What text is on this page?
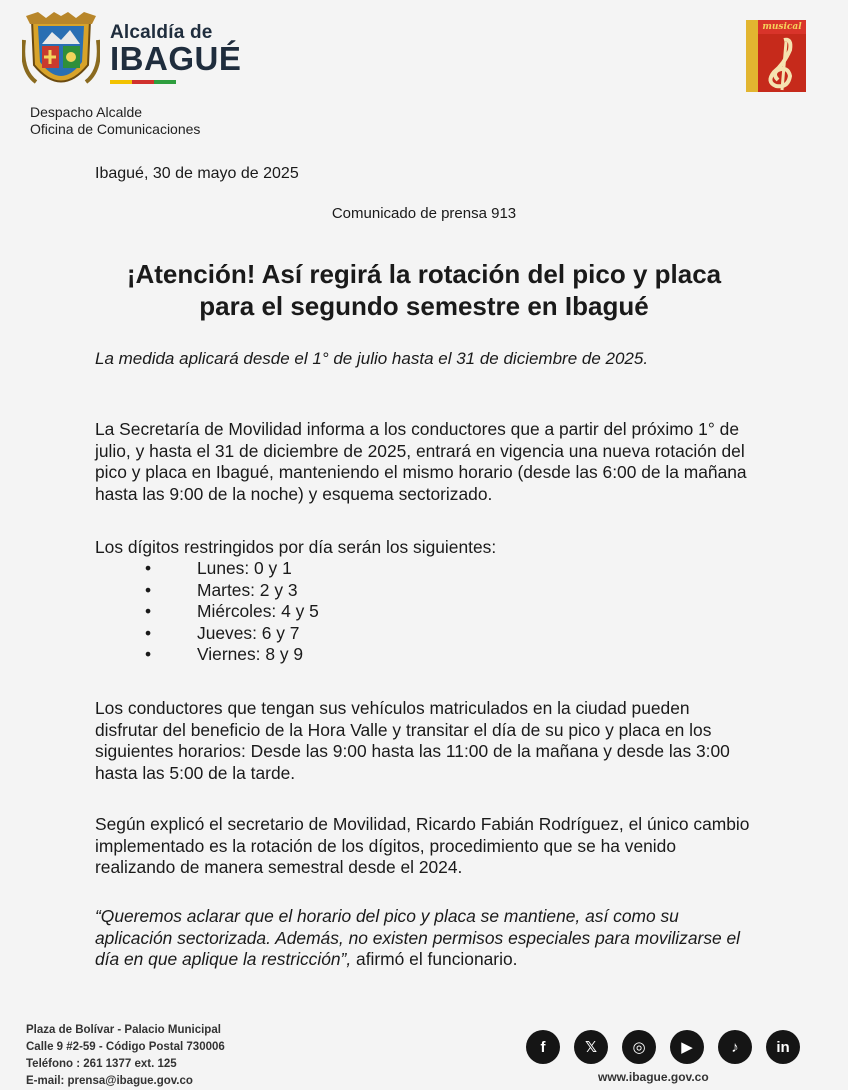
Alcaldía de
IBAGUÉ
Despacho Alcalde
Oficina de Comunicaciones
musical
Ibagué, 30 de mayo de 2025
Comunicado de prensa 913
¡Atención! Así regirá la rotación del pico y placa
para el segundo semestre en Ibagué
La medida aplicará desde el 1° de julio hasta el 31 de diciembre de 2025.

La Secretaría de Movilidad informa a los conductores que a partir del próximo 1° de julio, y hasta el 31 de diciembre de 2025, entrará en vigencia una nueva rotación del pico y placa en Ibagué, manteniendo el mismo horario (desde las 6:00 de la mañana hasta las 9:00 de la noche) y esquema sectorizado.

Los dígitos restringidos por día serán los siguientes:

• Lunes: 0 y 1
• Martes: 2 y 3
• Miércoles: 4 y 5
• Jueves: 6 y 7
• Viernes: 8 y 9

Los conductores que tengan sus vehículos matriculados en la ciudad pueden disfrutar del beneficio de la Hora Valle y transitar el día de su pico y placa en los siguientes horarios: Desde las 9:00 hasta las 11:00 de la mañana y desde las 3:00 hasta las 5:00 de la tarde.

Según explicó el secretario de Movilidad, Ricardo Fabián Rodríguez, el único cambio implementado es la rotación de los dígitos, procedimiento que se ha venido realizando de manera semestral desde el 2024.

“Queremos aclarar que el horario del pico y placa se mantiene, así como su aplicación sectorizada. Además, no existen permisos especiales para movilizarse el día en que aplique la restricción”, afirmó el funcionario.

Plaza de Bolívar - Palacio Municipal
Calle 9 #2-59 - Código Postal 730006
Teléfono : 261 1377 ext. 125
E-mail: prensa@ibague.gov.co
f	𝕏	◎	▶	♪	in
www.ibague.gov.co
